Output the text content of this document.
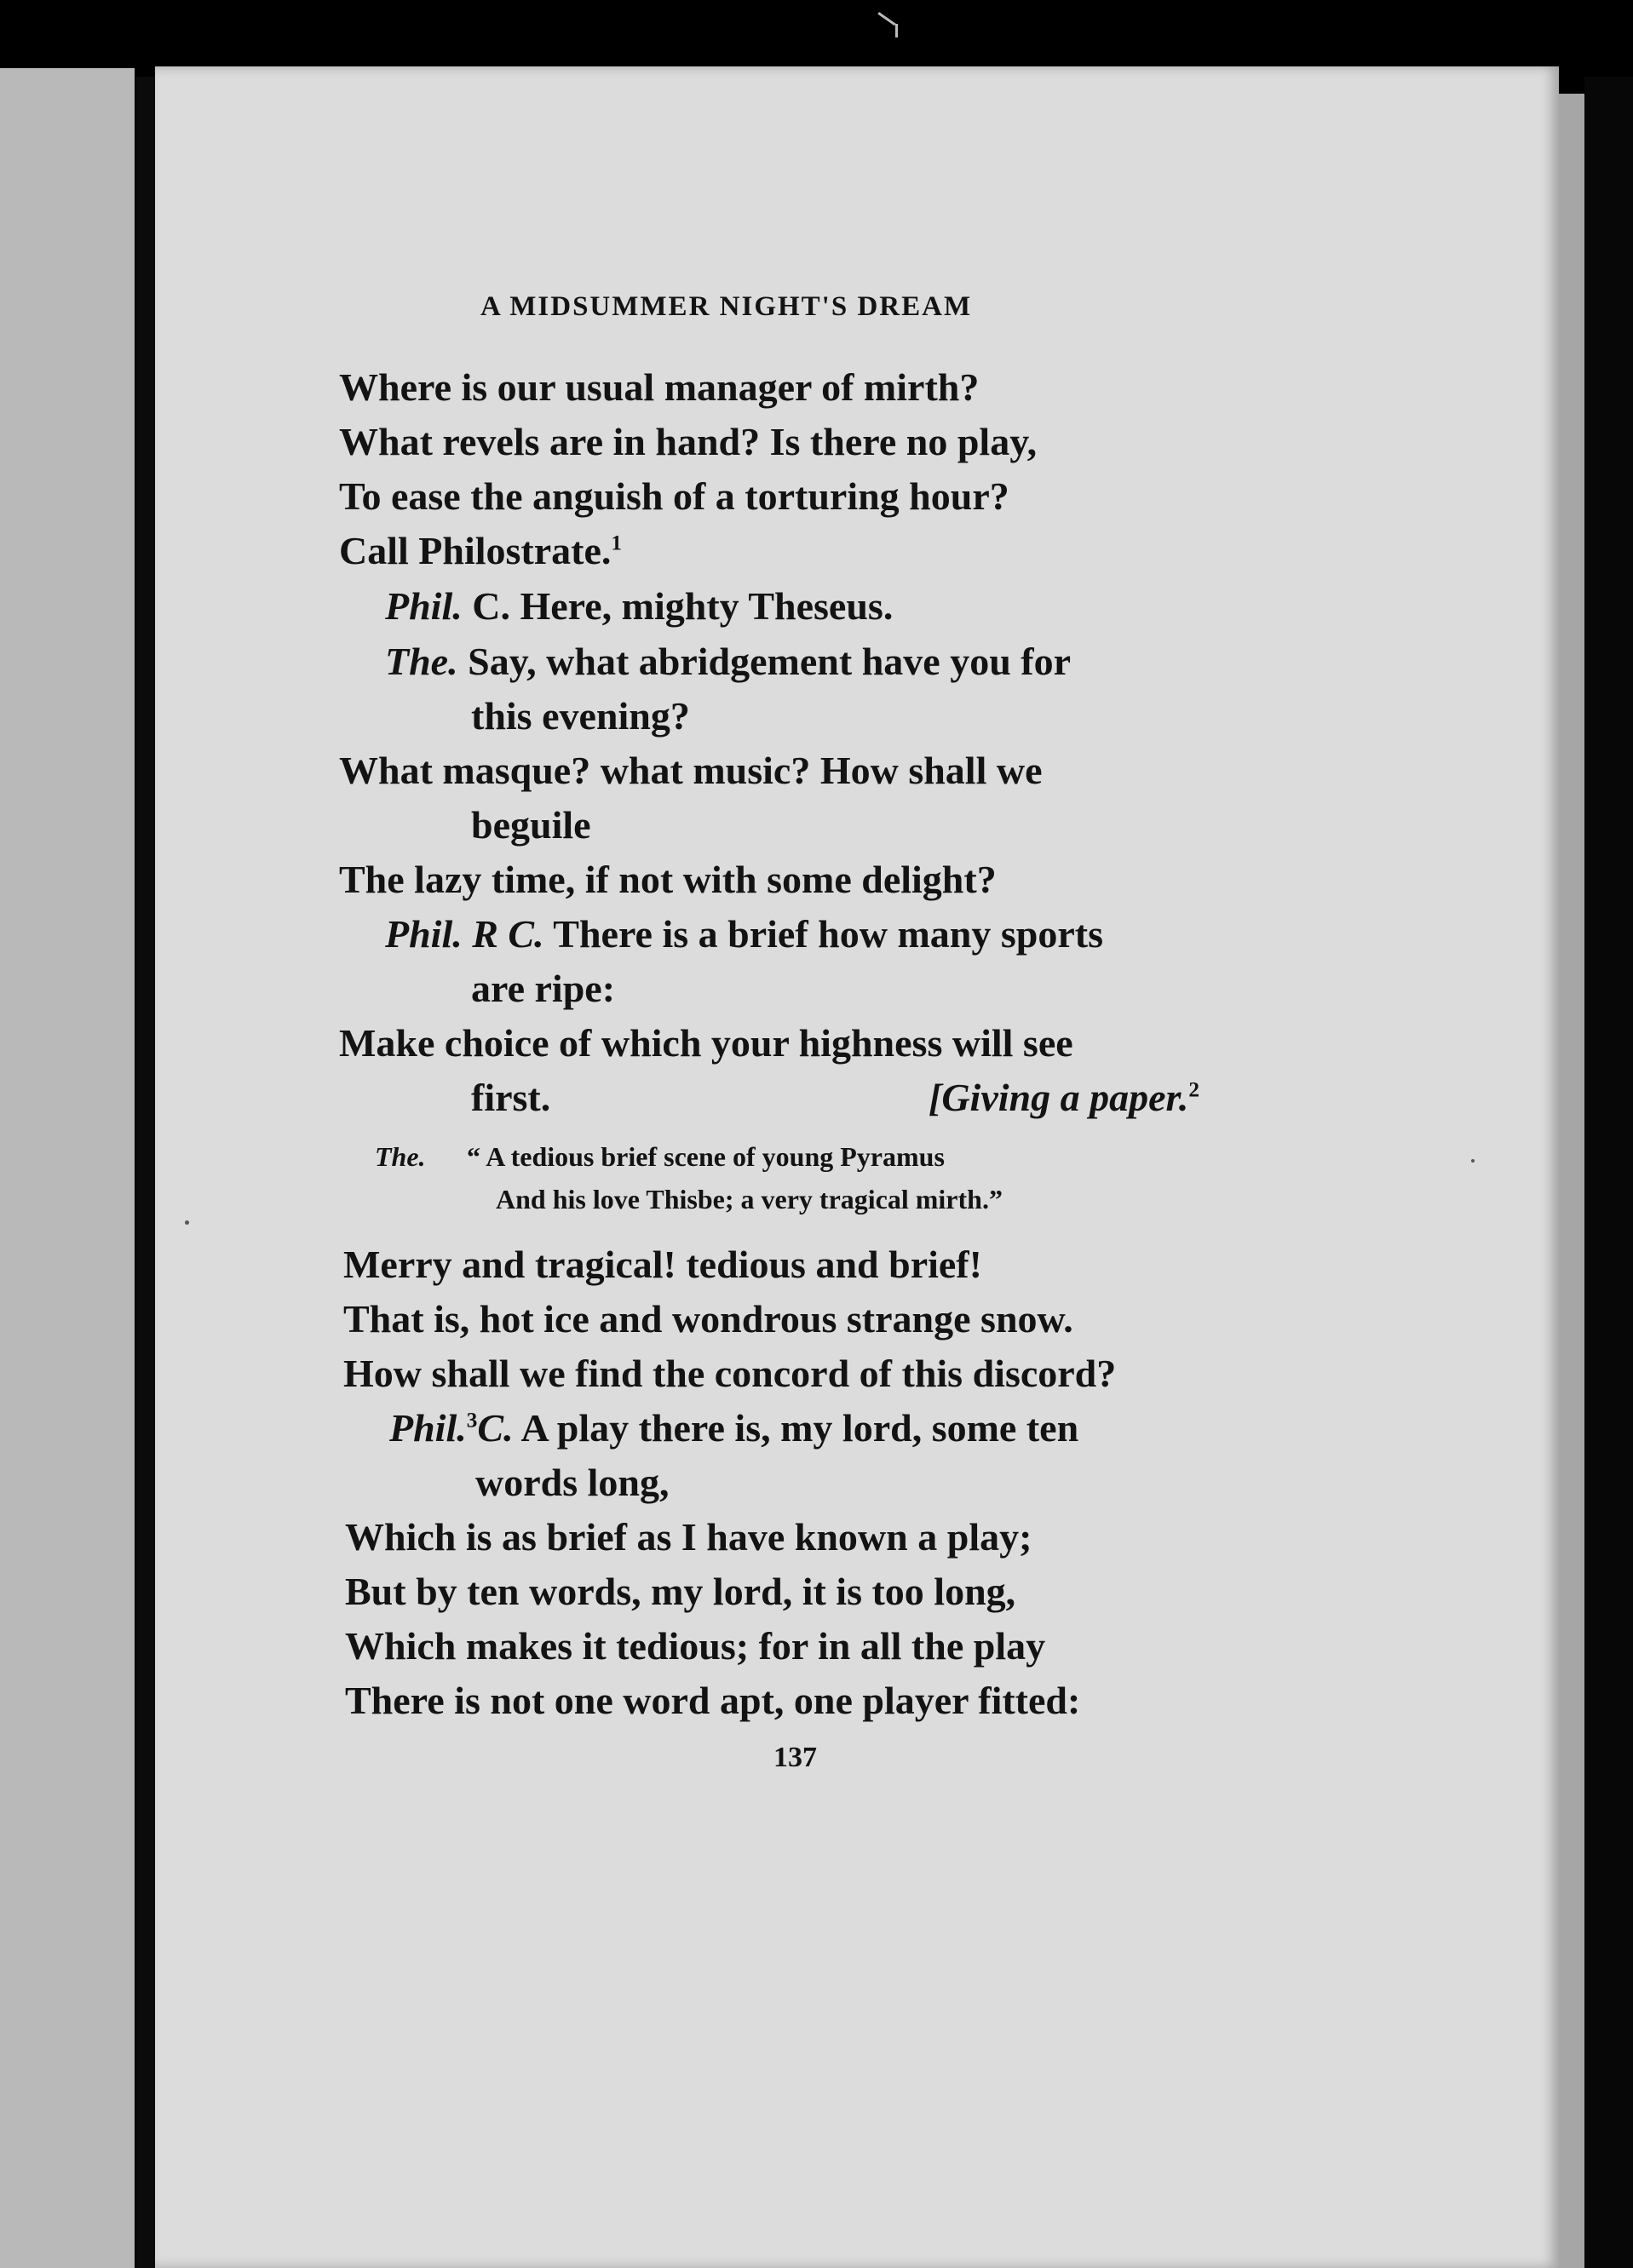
A MIDSUMMER NIGHT'S DREAM
Where is our usual manager of mirth?
What revels are in hand? Is there no play,
To ease the anguish of a torturing hour?
Call Philostrate.$^1$
Phil. C. Here, mighty Theseus.
The. Say, what abridgement have you for
this evening?
What masque? what music? How shall we
beguile
The lazy time, if not with some delight?
Phil. R C. There is a brief how many sports
are ripe:
Make choice of which your highness will see
first.	[Giving a paper.$^2$
The. “ A tedious brief scene of young Pyramus
And his love Thisbe; a very tragical mirth.”
Merry and tragical! tedious and brief!
That is, hot ice and wondrous strange snow.
How shall we find the concord of this discord?
Phil.$^3$C. A play there is, my lord, some ten
words long,
Which is as brief as I have known a play;
But by ten words, my lord, it is too long,
Which makes it tedious; for in all the play
There is not one word apt, one player fitted:
137
